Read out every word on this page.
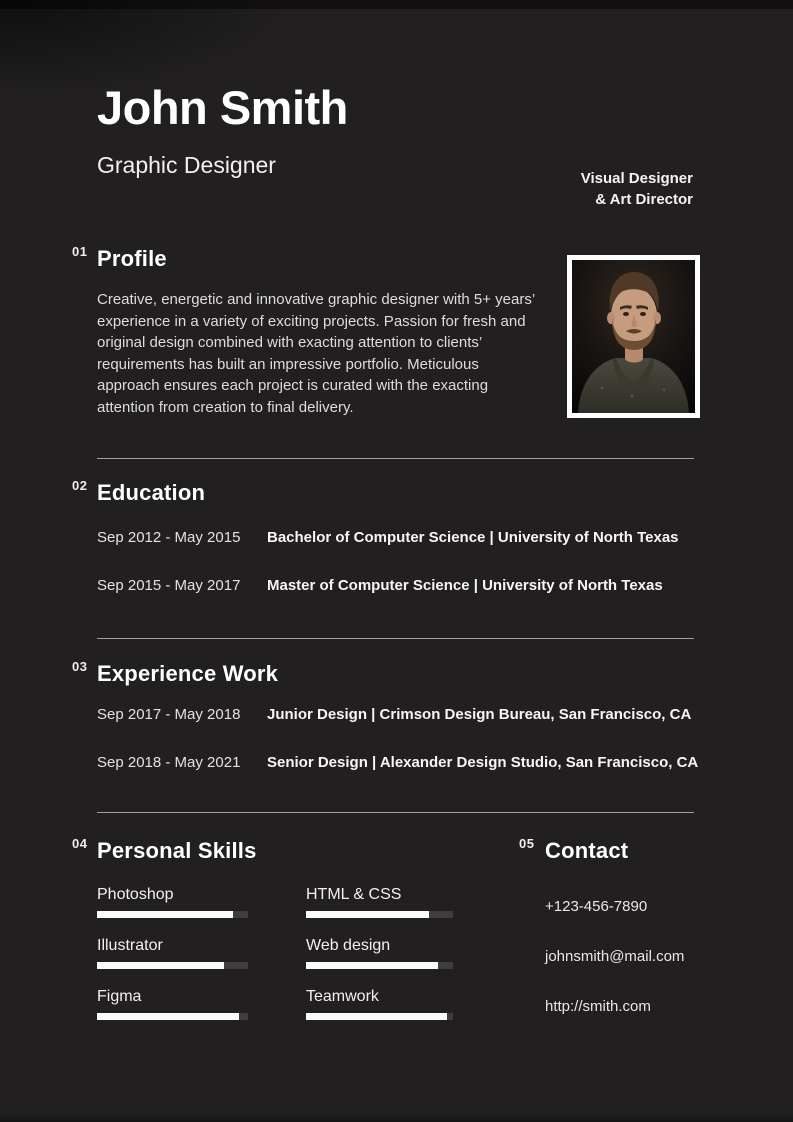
John Smith
Graphic Designer
Visual Designer
& Art Director
01 Profile

Creative, energetic and innovative graphic designer with 5+ years’ experience in a variety of exciting projects. Passion for fresh and original design combined with exacting attention to clients’ requirements has built an impressive portfolio. Meticulous approach ensures each project is curated with the exacting attention from creation to final delivery.

02 Education
Sep 2012 - May 2015	Bachelor of Computer Science | University of North Texas
Sep 2015 - May 2017	Master of Computer Science | University of North Texas
03 Experience Work
Sep 2017 - May 2018	Junior Design | Crimson Design Bureau, San Francisco, CA
Sep 2018 - May 2021	Senior Design | Alexander Design Studio, San Francisco, CA
04 Personal Skills	05 Contact
Photoshop
Illustrator
Figma
HTML & CSS
Web design
Teamwork
+123-456-7890
johnsmith@mail.com
http://smith.com
